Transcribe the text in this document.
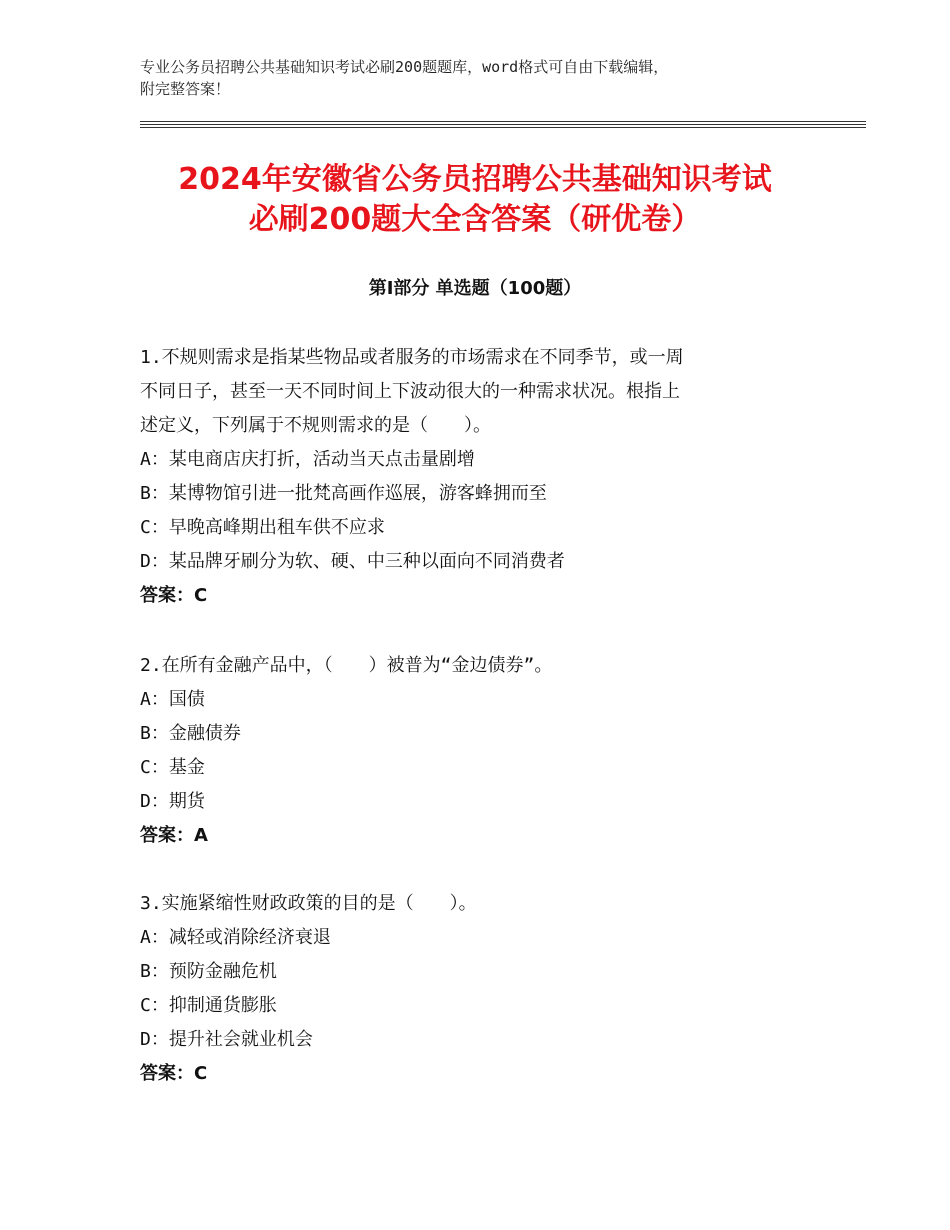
专业公务员招聘公共基础知识考试必刷200题题库，word格式可自由下载编辑，
附完整答案！
2024年安徽省公务员招聘公共基础知识考试
必刷200题大全含答案（研优卷）
第Ⅰ部分 单选题（100题）
1.不规则需求是指某些物品或者服务的市场需求在不同季节，或一周
不同日子，甚至一天不同时间上下波动很大的一种需求状况。根指上
述定义，下列属于不规则需求的是（　　）。
A：某电商店庆打折，活动当天点击量剧增
B：某博物馆引进一批梵高画作巡展，游客蜂拥而至
C：早晚高峰期出租车供不应求
D：某品牌牙刷分为软、硬、中三种以面向不同消费者
答案：C
2.在所有金融产品中，（　　）被普为“金边债券”。
A：国债
B：金融债券
C：基金
D：期货
答案：A
3.实施紧缩性财政政策的目的是（　　）。
A：减轻或消除经济衰退
B：预防金融危机
C：抑制通货膨胀
D：提升社会就业机会
答案：C
